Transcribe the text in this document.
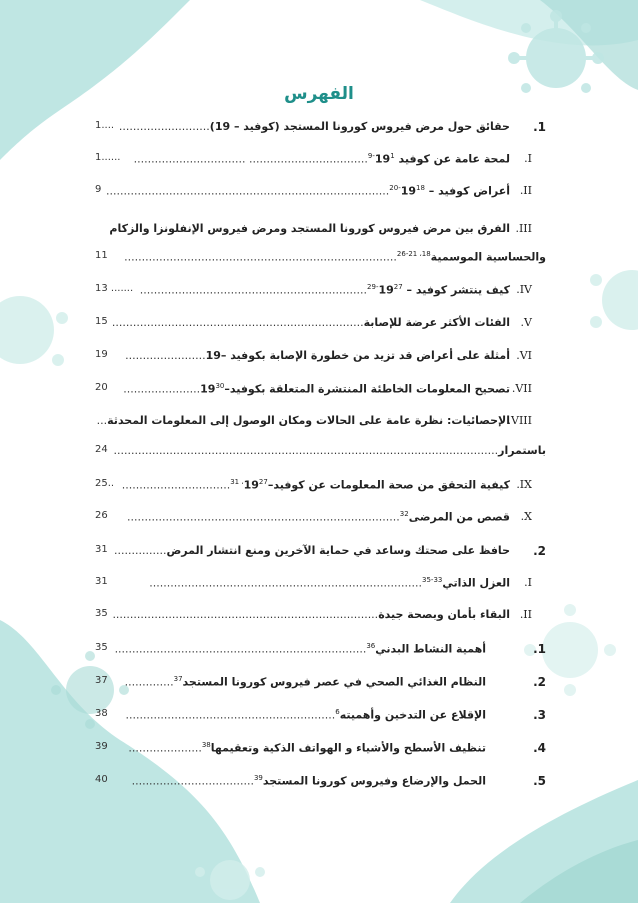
الفهرس
.1
حقائق حول مرض فيروس كورونا المستجد (كوفيد – 19)..........................
1....
.I
لمحة عامة عن كوفيد 19$^{1-9}$.................................. ................................
1......
.II
أعراض كوفيد – 19$^{18-20}$.................................................................................
9
.III
الفرق بين مرض فيروس كورونا المستجد ومرض فيروس الإنفلونزا والزكام
والحساسية الموسمية$^{18، 21-26}$..............................................................................
11
.IV
كيف ينتشر كوفيد – 19$^{27-29}$.................................................................
13 .......
.V
الفئات الأكثر عرضة للإصابة........................................................................
15
.VI
أمثلة على أعراض قد تزيد من خطورة الإصابة بكوفيد –19.......................
19
.VII
تصحيح المعلومات الخاطئة المنتشرة المتعلقة بكوفيد–$19^{30}$......................
20
.VIII
الإحصائيات: نظرة عامة على الحالات ومكان الوصول إلى المعلومات المحدثة...
باستمرار..............................................................................................................
24
.IX
كيفية التحقق من صحة المعلومات عن كوفيد–$19^{27، 31}$...............................
25..
.X
قصص من المرضى$^{32}$..............................................................................
26
.2
حافظ على صحتك وساعد في حماية الآخرين ومنع انتشار المرض...............
31
.I
العزل الذاتي$^{33-35}$..............................................................................
31
.II
البقاء بأمان وبصحة جيدة............................................................................
35
.1
أهمية النشاط البدني$^{36}$........................................................................
35
.2
النظام الغذائي الصحي في عصر فيروس كورونا المستجد$^{37}$..............
37
.3
الإقلاع عن التدخين وأهميته$^6$............................................................
38
.4
تنظيف الأسطح والأشياء و الهواتف الذكية وتعقيمها$^{38}$.....................
39
.5
الحمل والإرضاع وفيروس كورونا المستجد$^{39}$...................................
40
